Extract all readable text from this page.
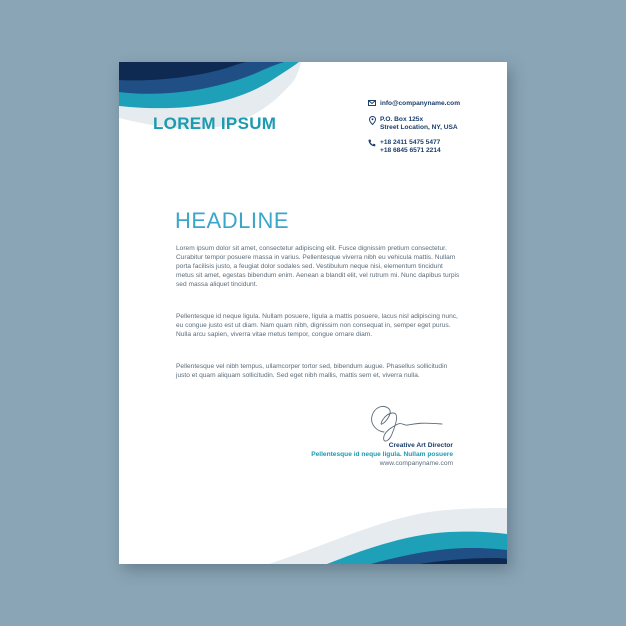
LOREM IPSUM
info@companyname.com
P.O. Box 125x
Street Location, NY, USA
+18 2411 5475 5477
+18 6845 6571 2214
HEADLINE

Lorem ipsum dolor sit amet, consectetur adipiscing elit. Fusce dignissim pretium consectetur. Curabitur tempor posuere massa in varius. Pellentesque viverra nibh eu vehicula mattis. Nullam porta facilisis justo, a feugiat dolor sodales sed. Vestibulum neque nisi, elementum tincidunt metus sit amet, egestas bibendum enim. Aenean a blandit elit, vel rutrum mi. Nunc dapibus turpis sed massa aliquet tincidunt.

Pellentesque id neque ligula. Nullam posuere, ligula a mattis posuere, lacus nisl adipiscing nunc, eu congue justo est ut diam. Nam quam nibh, dignissim non consequat in, semper eget purus. Nulla arcu sapien, viverra vitae metus tempor, congue ornare diam.

Pellentesque vel nibh tempus, ullamcorper tortor sed, bibendum augue. Phasellus sollicitudin justo et quam aliquam sollicitudin. Sed eget nibh mallis, mattis sem et, viverra nulla.

Creative Art Director
Pellentesque id neque ligula. Nullam posuere
www.companyname.com
